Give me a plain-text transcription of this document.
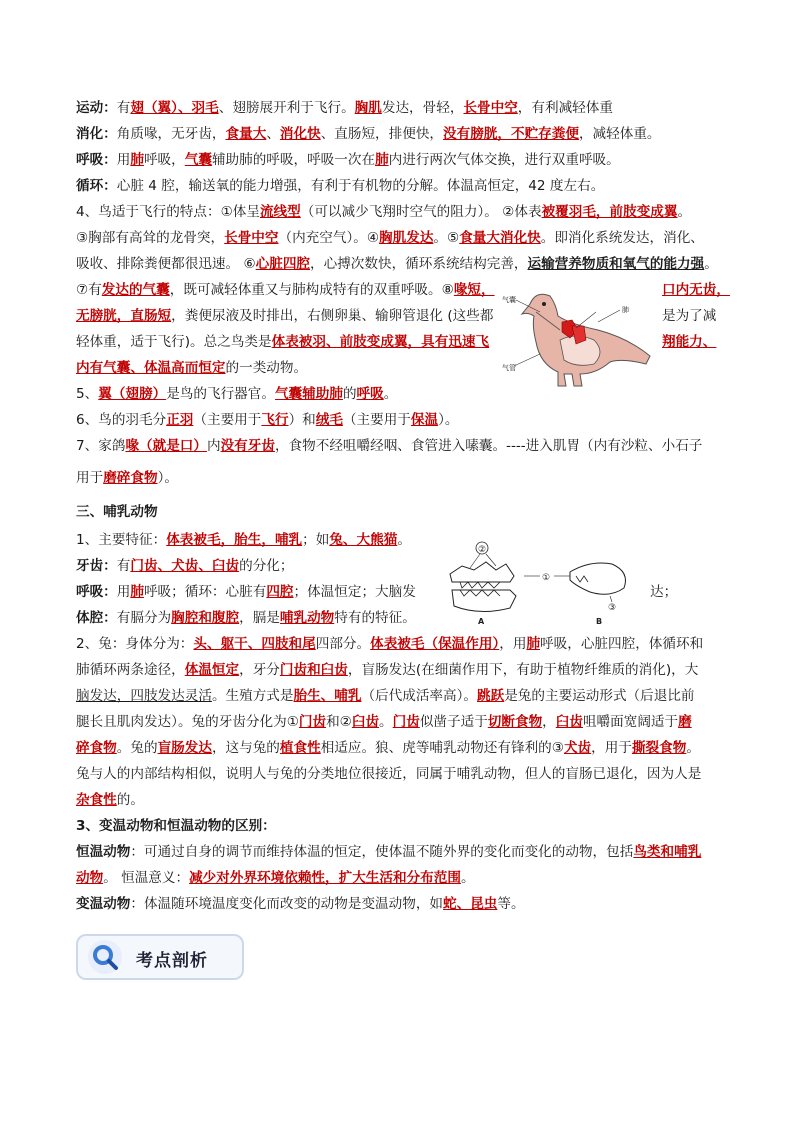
运动：有翅（翼）、羽毛、翅膀展开利于飞行。胸肌发达，骨轻，长骨中空，有利减轻体重

消化：角质喙，无牙齿，食量大、消化快、直肠短，排便快，没有膀胱，不贮存粪便，减轻体重。

呼吸：用肺呼吸，气囊辅助肺的呼吸，呼吸一次在肺内进行两次气体交换，进行双重呼吸。

循环：心脏 4 腔，输送氧的能力增强，有利于有机物的分解。体温高恒定，42 度左右。

4、鸟适于飞行的特点：①体呈流线型（可以减少飞翔时空气的阻力）。 ②体表被覆羽毛，前肢变成翼。

③胸部有高耸的龙骨突，长骨中空（内充空气）。④胸肌发达。⑤食量大消化快。即消化系统发达，消化、

吸收、排除粪便都很迅速。 ⑥心脏四腔，心搏次数快，循环系统结构完善，运输营养物质和氧气的能力强。

⑦有发达的气囊，既可减轻体重又与肺构成特有的双重呼吸。⑧喙短，	口内无齿，

无膀胱，直肠短，粪便尿液及时排出，右侧卵巢、输卵管退化 (这些都	是为了减

轻体重，适于飞行)。总之鸟类是体表被羽、前肢变成翼，具有迅速飞	翔能力、

内有气囊、体温高而恒定的一类动物。

气囊
肺
气管

5、翼（翅膀）是鸟的飞行器官。气囊辅助肺的呼吸。

6、鸟的羽毛分正羽（主要用于飞行）和绒毛（主要用于保温）。

7、家鸽喙（就是口）内没有牙齿，食物不经咀嚼经咽、食管进入嗉囊。----进入肌胃（内有沙粒、小石子

用于磨碎食物）。

三、哺乳动物

1、主要特征：体表被毛，胎生，哺乳；如兔、大熊猫。

牙齿：有门齿、犬齿、臼齿的分化；

呼吸：用肺呼吸；循环：心脏有四腔；体温恒定；大脑发	达；

体腔：有膈分为胸腔和腹腔，膈是哺乳动物特有的特征。

②
①
③
A	B

2、兔：身体分为：头、躯干、四肢和尾四部分。体表被毛（保温作用），用肺呼吸，心脏四腔，体循环和

肺循环两条途径，体温恒定，牙分门齿和臼齿，盲肠发达(在细菌作用下，有助于植物纤维质的消化)，大

脑发达，四肢发达灵活。生殖方式是胎生、哺乳（后代成活率高）。跳跃是兔的主要运动形式（后退比前

腿长且肌肉发达）。兔的牙齿分化为①门齿和②臼齿。门齿似凿子适于切断食物，臼齿咀嚼面宽阔适于磨

碎食物。兔的盲肠发达，这与兔的植食性相适应。狼、虎等哺乳动物还有锋利的③犬齿，用于撕裂食物。

兔与人的内部结构相似，说明人与兔的分类地位很接近，同属于哺乳动物，但人的盲肠已退化，因为人是

杂食性的。

3、变温动物和恒温动物的区别：

恒温动物：可通过自身的调节而维持体温的恒定，使体温不随外界的变化而变化的动物，包括鸟类和哺乳

动物。 恒温意义：减少对外界环境依赖性，扩大生活和分布范围。

变温动物：体温随环境温度变化而改变的动物是变温动物，如蛇、昆虫等。

考点剖析
